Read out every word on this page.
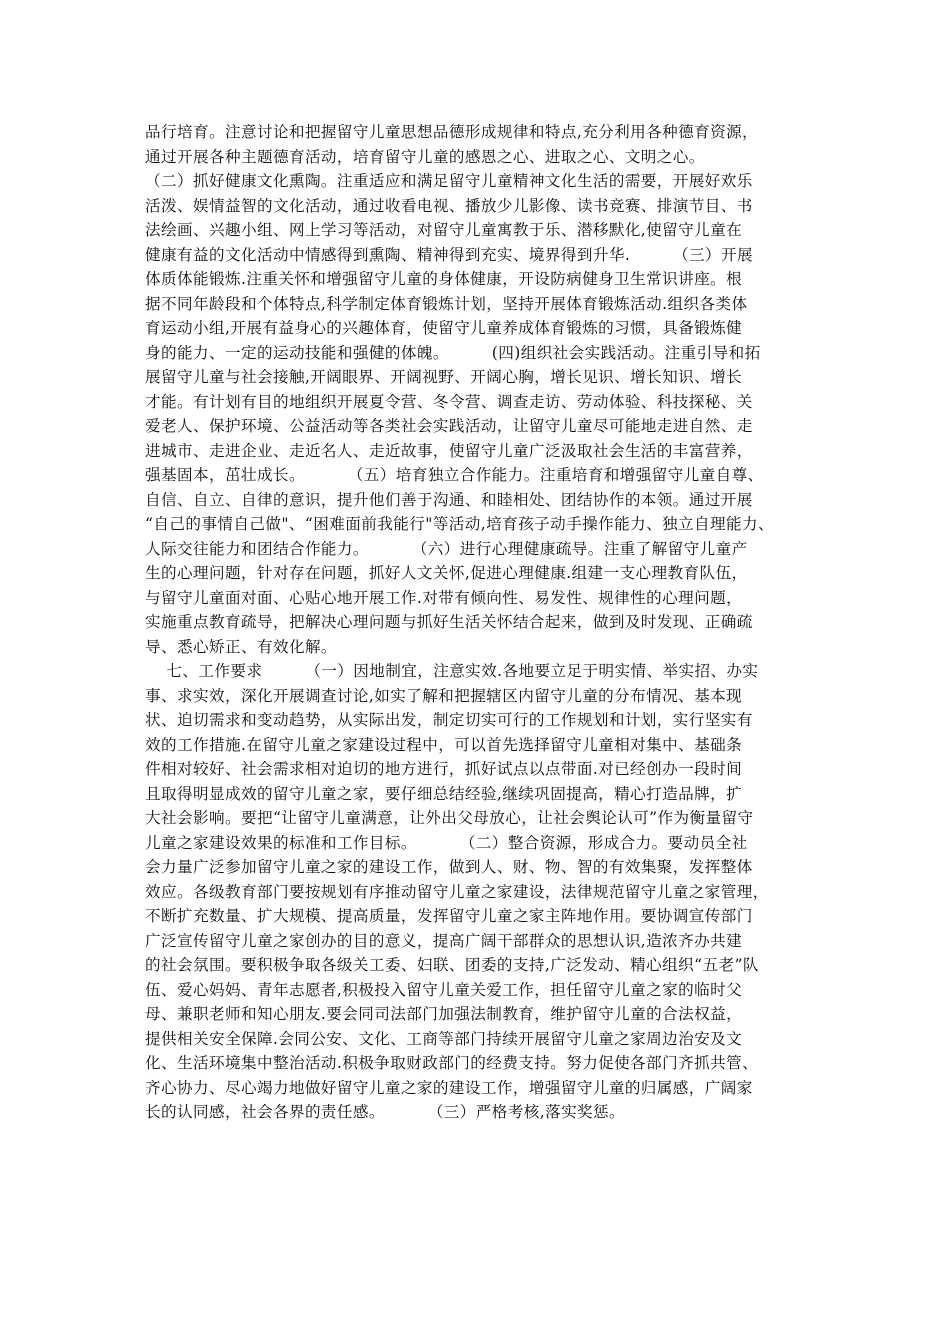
品行培育。注意讨论和把握留守儿童思想品德形成规律和特点,充分利用各种德育资源，
通过开展各种主题德育活动，培育留守儿童的感恩之心、进取之心、文明之心。
（二）抓好健康文化熏陶。注重适应和满足留守儿童精神文化生活的需要，开展好欢乐
活泼、娱情益智的文化活动，通过收看电视、播放少儿影像、读书竞赛、排演节目、书
法绘画、兴趣小组、网上学习等活动，对留守儿童寓教于乐、潜移默化,使留守儿童在
健康有益的文化活动中情感得到熏陶、精神得到充实、境界得到升华.        （三）开展
体质体能锻炼.注重关怀和增强留守儿童的身体健康，开设防病健身卫生常识讲座。根
据不同年龄段和个体特点,科学制定体育锻炼计划，坚持开展体育锻炼活动.组织各类体
育运动小组,开展有益身心的兴趣体育，使留守儿童养成体育锻炼的习惯，具备锻炼健
身的能力、一定的运动技能和强健的体魄。        (四)组织社会实践活动。注重引导和拓
展留守儿童与社会接触,开阔眼界、开阔视野、开阔心胸，增长见识、增长知识、增长
才能。有计划有目的地组织开展夏令营、冬令营、调查走访、劳动体验、科技探秘、关
爱老人、保护环境、公益活动等各类社会实践活动，让留守儿童尽可能地走进自然、走
进城市、走进企业、走近名人、走近故事，使留守儿童广泛汲取社会生活的丰富营养，
强基固本，茁壮成长。        （五）培育独立合作能力。注重培育和增强留守儿童自尊、
自信、自立、自律的意识，提升他们善于沟通、和睦相处、团结协作的本领。通过开展
“自己的事情自己做"、“困难面前我能行"等活动,培育孩子动手操作能力、独立自理能力、
人际交往能力和团结合作能力。        （六）进行心理健康疏导。注重了解留守儿童产
生的心理问题，针对存在问题，抓好人文关怀,促进心理健康.组建一支心理教育队伍，
与留守儿童面对面、心贴心地开展工作.对带有倾向性、易发性、规律性的心理问题，
实施重点教育疏导，把解决心理问题与抓好生活关怀结合起来，做到及时发现、正确疏
导、悉心矫正、有效化解。
七、工作要求        （一）因地制宜，注意实效.各地要立足于明实情、举实招、办实
事、求实效，深化开展调查讨论,如实了解和把握辖区内留守儿童的分布情况、基本现
状、迫切需求和变动趋势，从实际出发，制定切实可行的工作规划和计划，实行坚实有
效的工作措施.在留守儿童之家建设过程中，可以首先选择留守儿童相对集中、基础条
件相对较好、社会需求相对迫切的地方进行，抓好试点以点带面.对已经创办一段时间
且取得明显成效的留守儿童之家，要仔细总结经验,继续巩固提高，精心打造品牌，扩
大社会影响。要把“让留守儿童满意，让外出父母放心，让社会舆论认可”作为衡量留守
儿童之家建设效果的标准和工作目标。        （二）整合资源，形成合力。要动员全社
会力量广泛参加留守儿童之家的建设工作，做到人、财、物、智的有效集聚，发挥整体
效应。各级教育部门要按规划有序推动留守儿童之家建设，法律规范留守儿童之家管理，
不断扩充数量、扩大规模、提高质量，发挥留守儿童之家主阵地作用。要协调宣传部门
广泛宣传留守儿童之家创办的目的意义，提高广阔干部群众的思想认识,造浓齐办共建
的社会氛围。要积极争取各级关工委、妇联、团委的支持,广泛发动、精心组织“五老”队
伍、爱心妈妈、青年志愿者,积极投入留守儿童关爱工作，担任留守儿童之家的临时父
母、兼职老师和知心朋友.要会同司法部门加强法制教育，维护留守儿童的合法权益，
提供相关安全保障.会同公安、文化、工商等部门持续开展留守儿童之家周边治安及文
化、生活环境集中整治活动.积极争取财政部门的经费支持。努力促使各部门齐抓共管、
齐心协力、尽心竭力地做好留守儿童之家的建设工作，增强留守儿童的归属感，广阔家
长的认同感，社会各界的责任感。        （三）严格考核,落实奖惩。
